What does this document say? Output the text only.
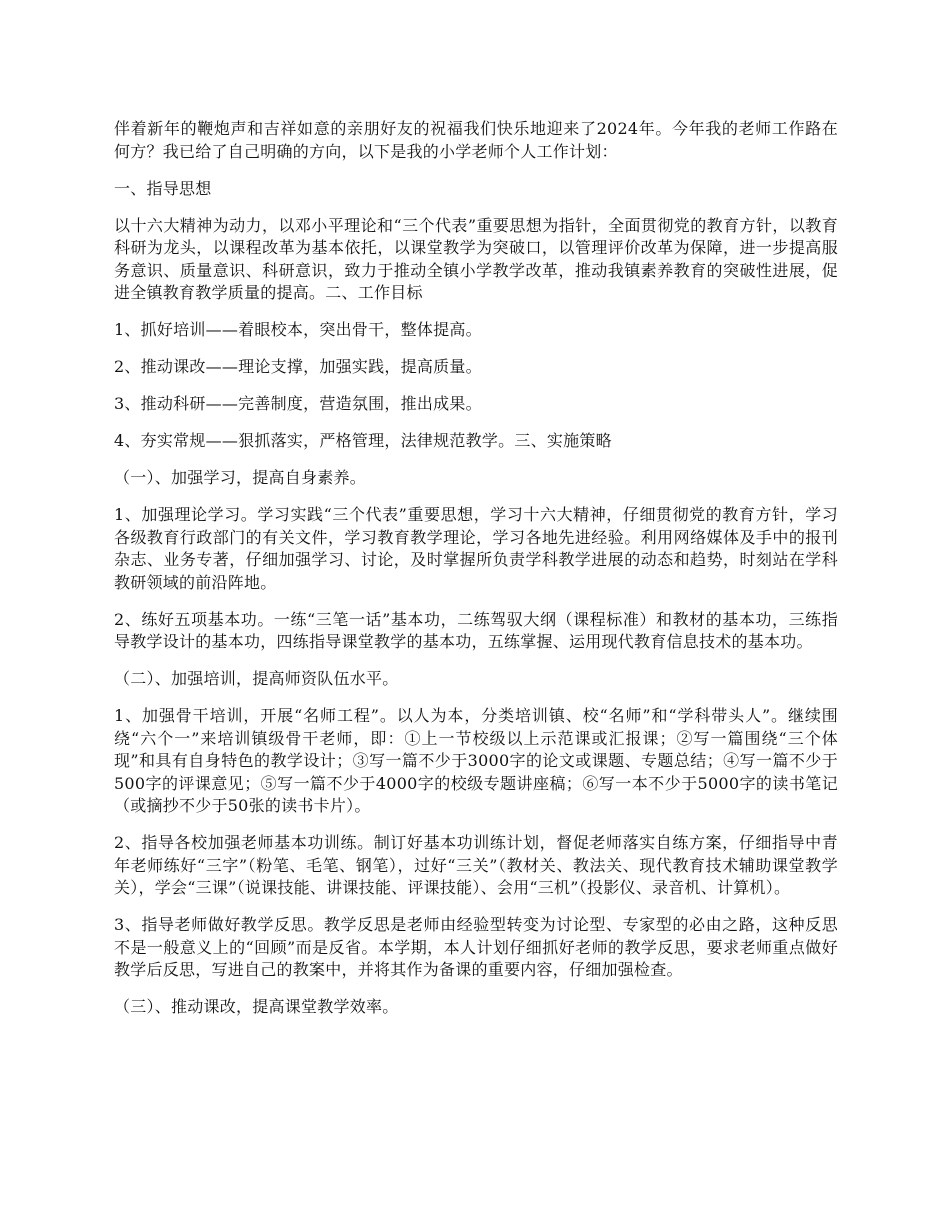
伴着新年的鞭炮声和吉祥如意的亲朋好友的祝福我们快乐地迎来了2024年。今年我的老师工作路在何方？我已给了自己明确的方向，以下是我的小学老师个人工作计划：

一、指导思想

以十六大精神为动力，以邓小平理论和“三个代表”重要思想为指针，全面贯彻党的教育方针，以教育科研为龙头，以课程改革为基本依托，以课堂教学为突破口，以管理评价改革为保障，进一步提高服务意识、质量意识、科研意识，致力于推动全镇小学教学改革，推动我镇素养教育的突破性进展，促进全镇教育教学质量的提高。二、工作目标

1、抓好培训——着眼校本，突出骨干，整体提高。

2、推动课改——理论支撑，加强实践，提高质量。

3、推动科研——完善制度，营造氛围，推出成果。

4、夯实常规——狠抓落实，严格管理，法律规范教学。三、实施策略

（一）、加强学习，提高自身素养。

1、加强理论学习。学习实践“三个代表”重要思想，学习十六大精神，仔细贯彻党的教育方针，学习各级教育行政部门的有关文件，学习教育教学理论，学习各地先进经验。利用网络媒体及手中的报刊杂志、业务专著，仔细加强学习、讨论，及时掌握所负责学科教学进展的动态和趋势，时刻站在学科教研领域的前沿阵地。

2、练好五项基本功。一练“三笔一话”基本功，二练驾驭大纲（课程标准）和教材的基本功，三练指导教学设计的基本功，四练指导课堂教学的基本功，五练掌握、运用现代教育信息技术的基本功。

（二）、加强培训，提高师资队伍水平。

1、加强骨干培训，开展“名师工程”。以人为本，分类培训镇、校“名师”和“学科带头人”。继续围绕“六个一”来培训镇级骨干老师，即：①上一节校级以上示范课或汇报课；②写一篇围绕“三个体现”和具有自身特色的教学设计；③写一篇不少于3000字的论文或课题、专题总结；④写一篇不少于500字的评课意见；⑤写一篇不少于4000字的校级专题讲座稿；⑥写一本不少于5000字的读书笔记（或摘抄不少于50张的读书卡片）。

2、指导各校加强老师基本功训练。制订好基本功训练计划，督促老师落实自练方案，仔细指导中青年老师练好“三字”（粉笔、毛笔、钢笔），过好“三关”（教材关、教法关、现代教育技术辅助课堂教学关），学会“三课”（说课技能、讲课技能、评课技能）、会用“三机”（投影仪、录音机、计算机）。

3、指导老师做好教学反思。教学反思是老师由经验型转变为讨论型、专家型的必由之路，这种反思不是一般意义上的“回顾”而是反省。本学期，本人计划仔细抓好老师的教学反思，要求老师重点做好教学后反思，写进自己的教案中，并将其作为备课的重要内容，仔细加强检查。

（三）、推动课改，提高课堂教学效率。
